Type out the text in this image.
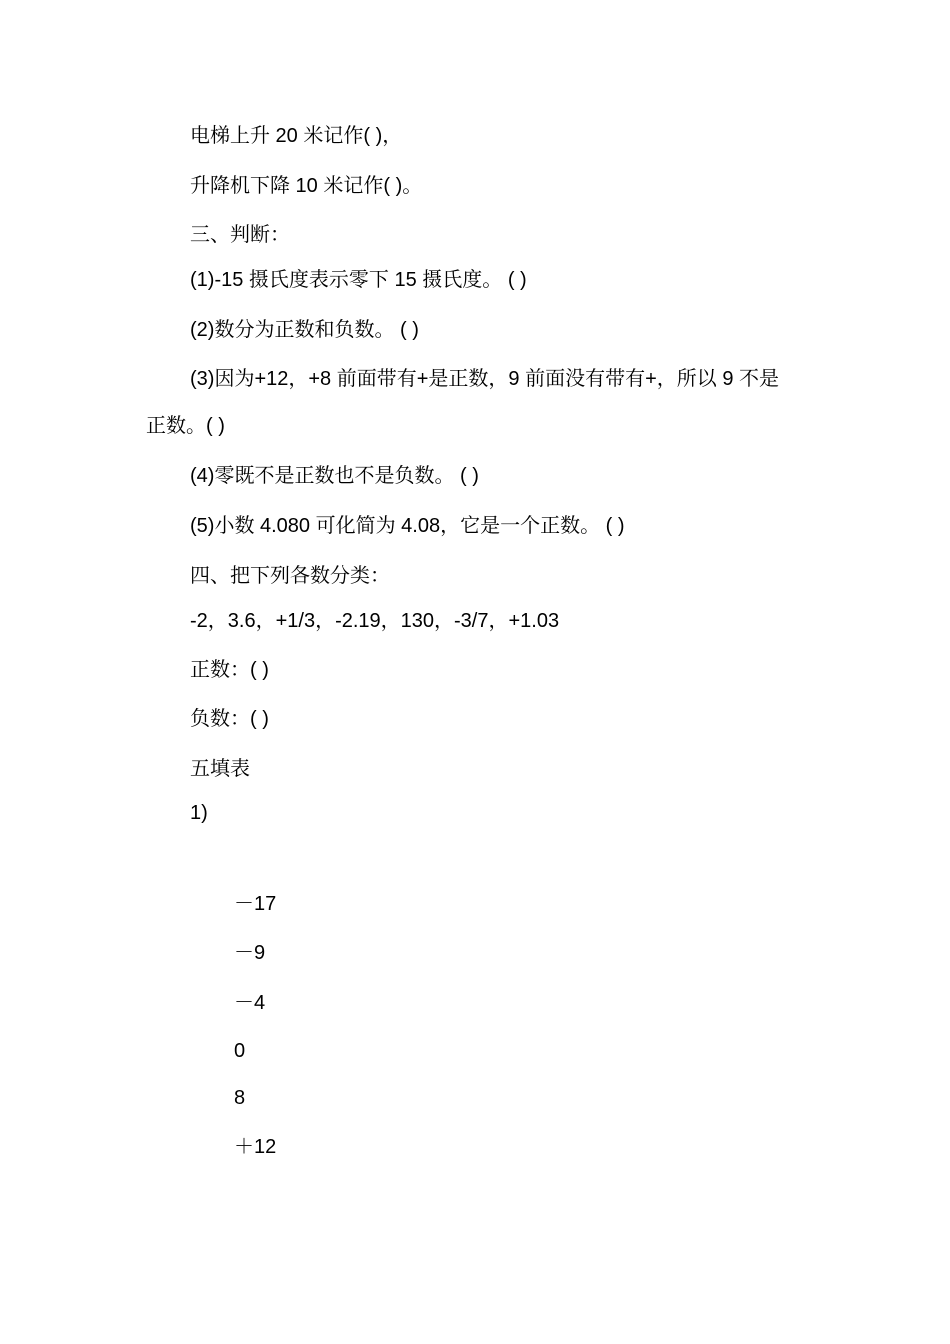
电梯上升 20 米记作( )，
升降机下降 10 米记作( )。
三、判断：
(1)-15 摄氏度表示零下 15 摄氏度。 ( )
(2)数分为正数和负数。 ( )
(3)因为+12，+8 前面带有+是正数，9 前面没有带有+，所以 9 不是
正数。( )
(4)零既不是正数也不是负数。 ( )
(5)小数 4.080 可化简为 4.08，它是一个正数。 ( )
四、把下列各数分类：
-2，3.6，+1/3，-2.19，130，-3/7，+1.03
正数：( )
负数：( )
五填表
1)
－17
－9
－4
0
8
＋12
